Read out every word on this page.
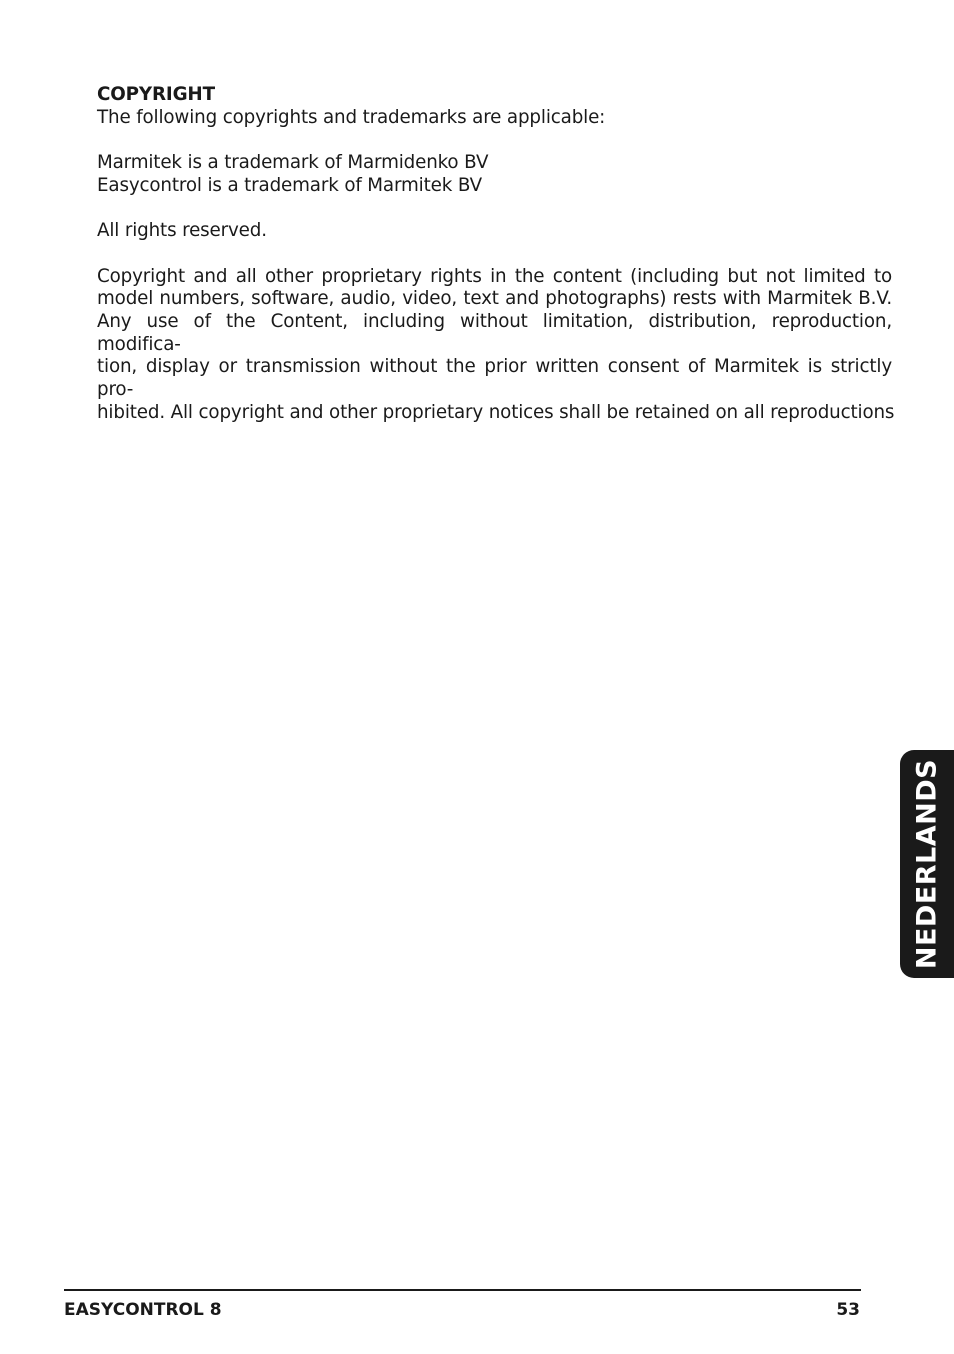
COPYRIGHT

The following copyrights and trademarks are applicable:

Marmitek is a trademark of Marmidenko BV

Easycontrol is a trademark of Marmitek BV

All rights reserved.

Copyright and all other proprietary rights in the content (including but not limited to
model numbers, software, audio, video, text and photographs) rests with Marmitek B.V.
Any use of the Content, including without limitation, distribution, reproduction, modifica-
tion, display or transmission without the prior written consent of Marmitek is strictly pro-
hibited. All copyright and other proprietary notices shall be retained on all reproductions
NEDERLANDS
EASYCONTROL 8	53
